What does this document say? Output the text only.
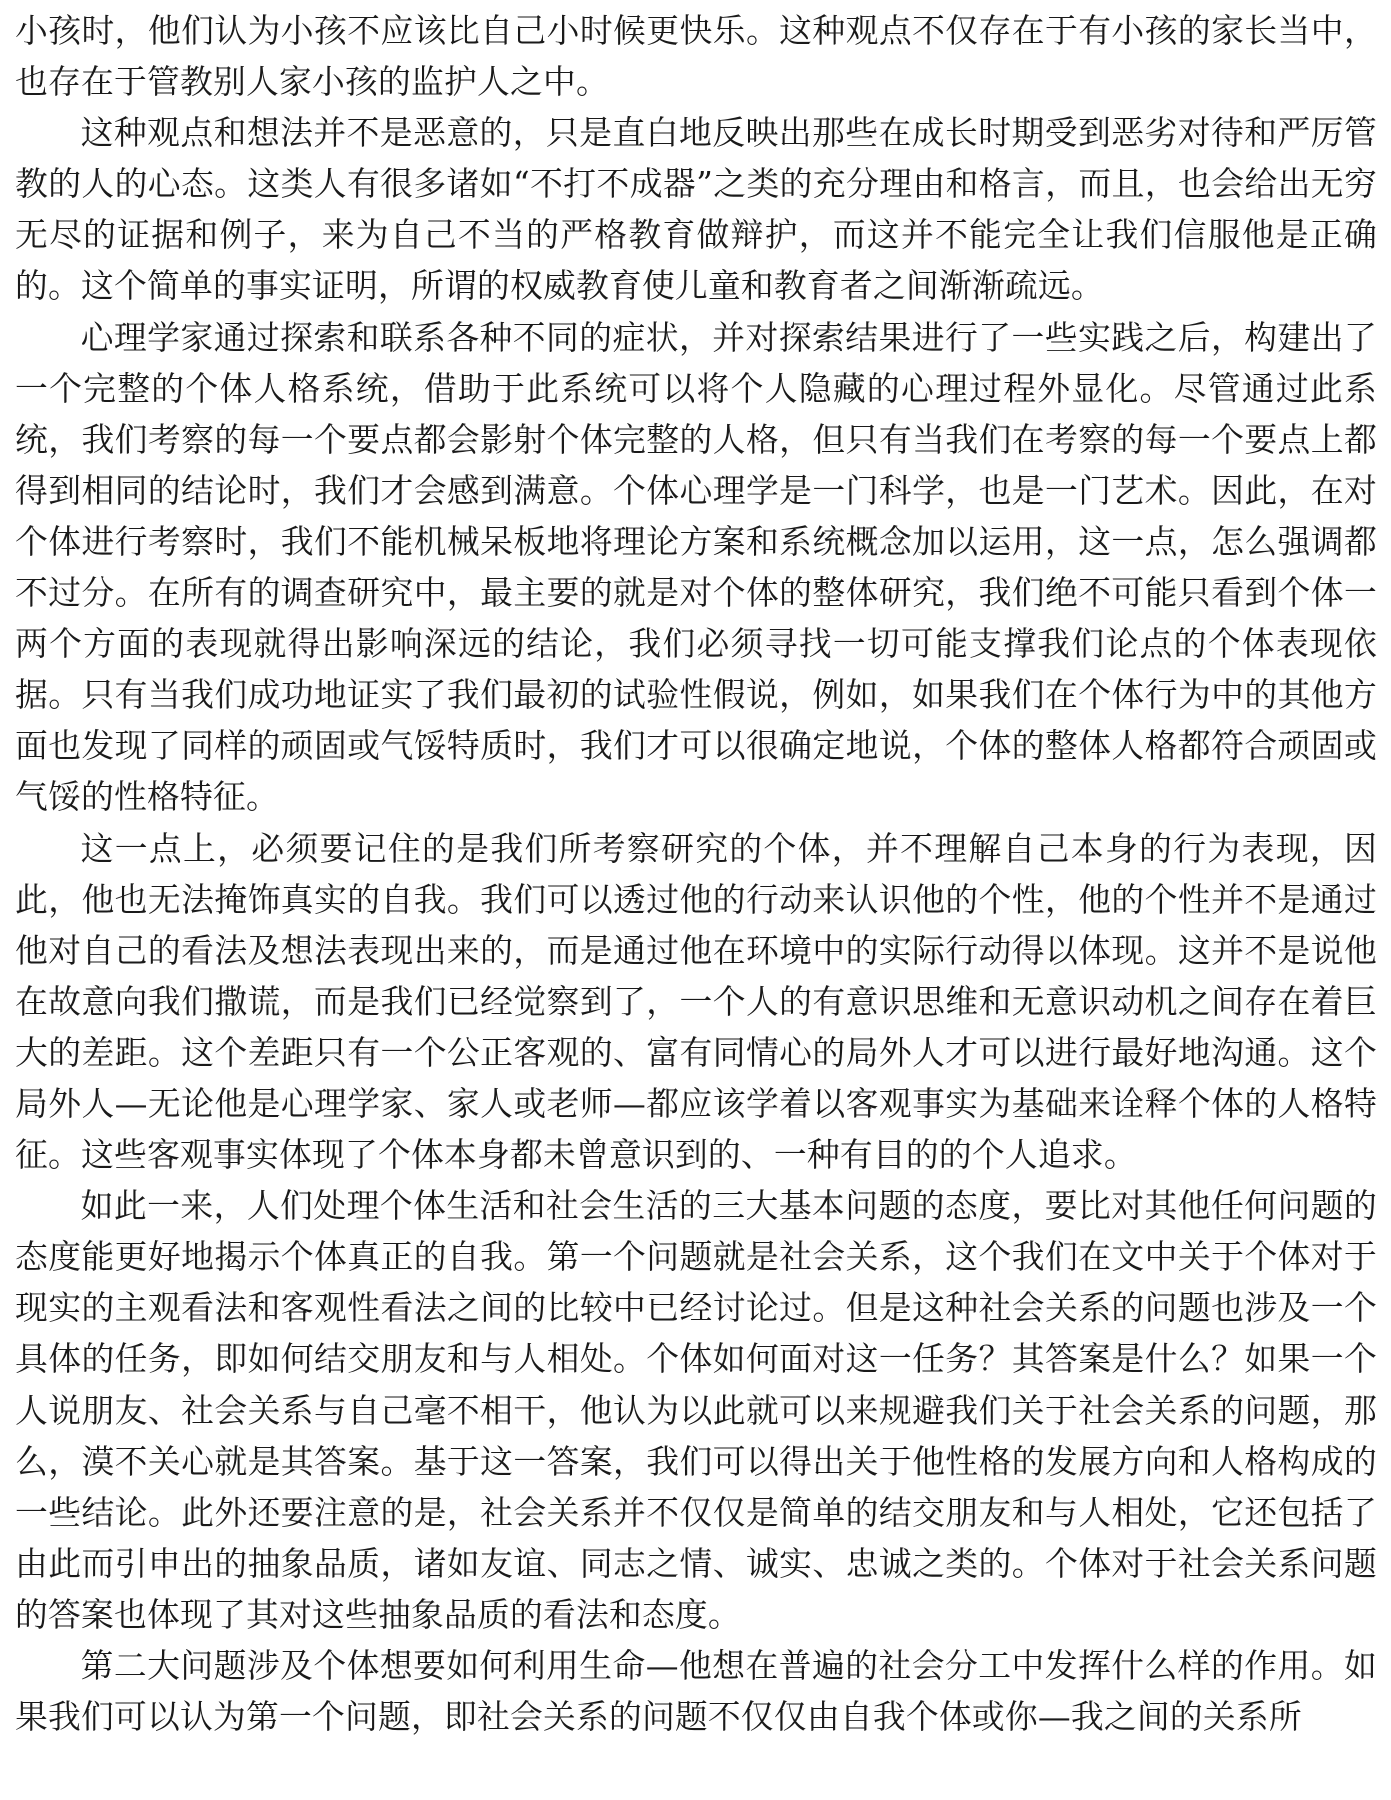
小孩时，他们认为小孩不应该比自己小时候更快乐。这种观点不仅存在于有小孩的家长当中，也存在于管教别人家小孩的监护人之中。

这种观点和想法并不是恶意的，只是直白地反映出那些在成长时期受到恶劣对待和严厉管教的人的心态。这类人有很多诸如“不打不成器”之类的充分理由和格言，而且，也会给出无穷无尽的证据和例子，来为自己不当的严格教育做辩护，而这并不能完全让我们信服他是正确的。这个简单的事实证明，所谓的权威教育使儿童和教育者之间渐渐疏远。

心理学家通过探索和联系各种不同的症状，并对探索结果进行了一些实践之后，构建出了一个完整的个体人格系统，借助于此系统可以将个人隐藏的心理过程外显化。尽管通过此系统，我们考察的每一个要点都会影射个体完整的人格，但只有当我们在考察的每一个要点上都得到相同的结论时，我们才会感到满意。个体心理学是一门科学，也是一门艺术。因此，在对个体进行考察时，我们不能机械呆板地将理论方案和系统概念加以运用，这一点，怎么强调都不过分。在所有的调查研究中，最主要的就是对个体的整体研究，我们绝不可能只看到个体一两个方面的表现就得出影响深远的结论，我们必须寻找一切可能支撑我们论点的个体表现依据。只有当我们成功地证实了我们最初的试验性假说，例如，如果我们在个体行为中的其他方面也发现了同样的顽固或气馁特质时，我们才可以很确定地说，个体的整体人格都符合顽固或气馁的性格特征。

这一点上，必须要记住的是我们所考察研究的个体，并不理解自己本身的行为表现，因此，他也无法掩饰真实的自我。我们可以透过他的行动来认识他的个性，他的个性并不是通过他对自己的看法及想法表现出来的，而是通过他在环境中的实际行动得以体现。这并不是说他在故意向我们撒谎，而是我们已经觉察到了，一个人的有意识思维和无意识动机之间存在着巨大的差距。这个差距只有一个公正客观的、富有同情心的局外人才可以进行最好地沟通。这个局外人—无论他是心理学家、家人或老师—都应该学着以客观事实为基础来诠释个体的人格特征。这些客观事实体现了个体本身都未曾意识到的、一种有目的的个人追求。

如此一来，人们处理个体生活和社会生活的三大基本问题的态度，要比对其他任何问题的态度能更好地揭示个体真正的自我。第一个问题就是社会关系，这个我们在文中关于个体对于现实的主观看法和客观性看法之间的比较中已经讨论过。但是这种社会关系的问题也涉及一个具体的任务，即如何结交朋友和与人相处。个体如何面对这一任务？其答案是什么？如果一个人说朋友、社会关系与自己毫不相干，他认为以此就可以来规避我们关于社会关系的问题，那么，漠不关心就是其答案。基于这一答案，我们可以得出关于他性格的发展方向和人格构成的一些结论。此外还要注意的是，社会关系并不仅仅是简单的结交朋友和与人相处，它还包括了由此而引申出的抽象品质，诸如友谊、同志之情、诚实、忠诚之类的。个体对于社会关系问题的答案也体现了其对这些抽象品质的看法和态度。

第二大问题涉及个体想要如何利用生命—他想在普遍的社会分工中发挥什么样的作用。如果我们可以认为第一个问题，即社会关系的问题不仅仅由自我个体或你—我之间的关系所
